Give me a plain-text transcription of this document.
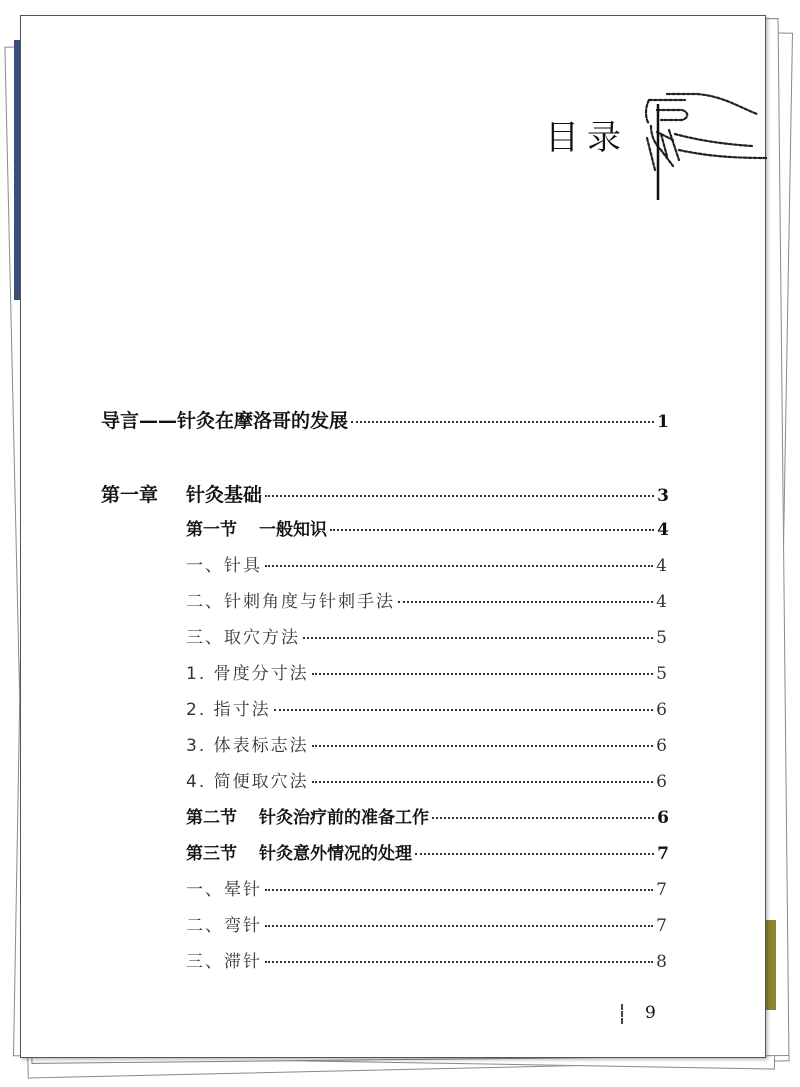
目录
导言——针灸在摩洛哥的发展	1
第一章 针灸基础	3
第一节 一般知识	4
一、针具	4
二、针刺角度与针刺手法	4
三、取穴方法	5
1. 骨度分寸法	5
2. 指寸法	6
3. 体表标志法	6
4. 简便取穴法	6
第二节 针灸治疗前的准备工作	6
第三节 针灸意外情况的处理	7
一、晕针	7
二、弯针	7
三、滞针	8
9
